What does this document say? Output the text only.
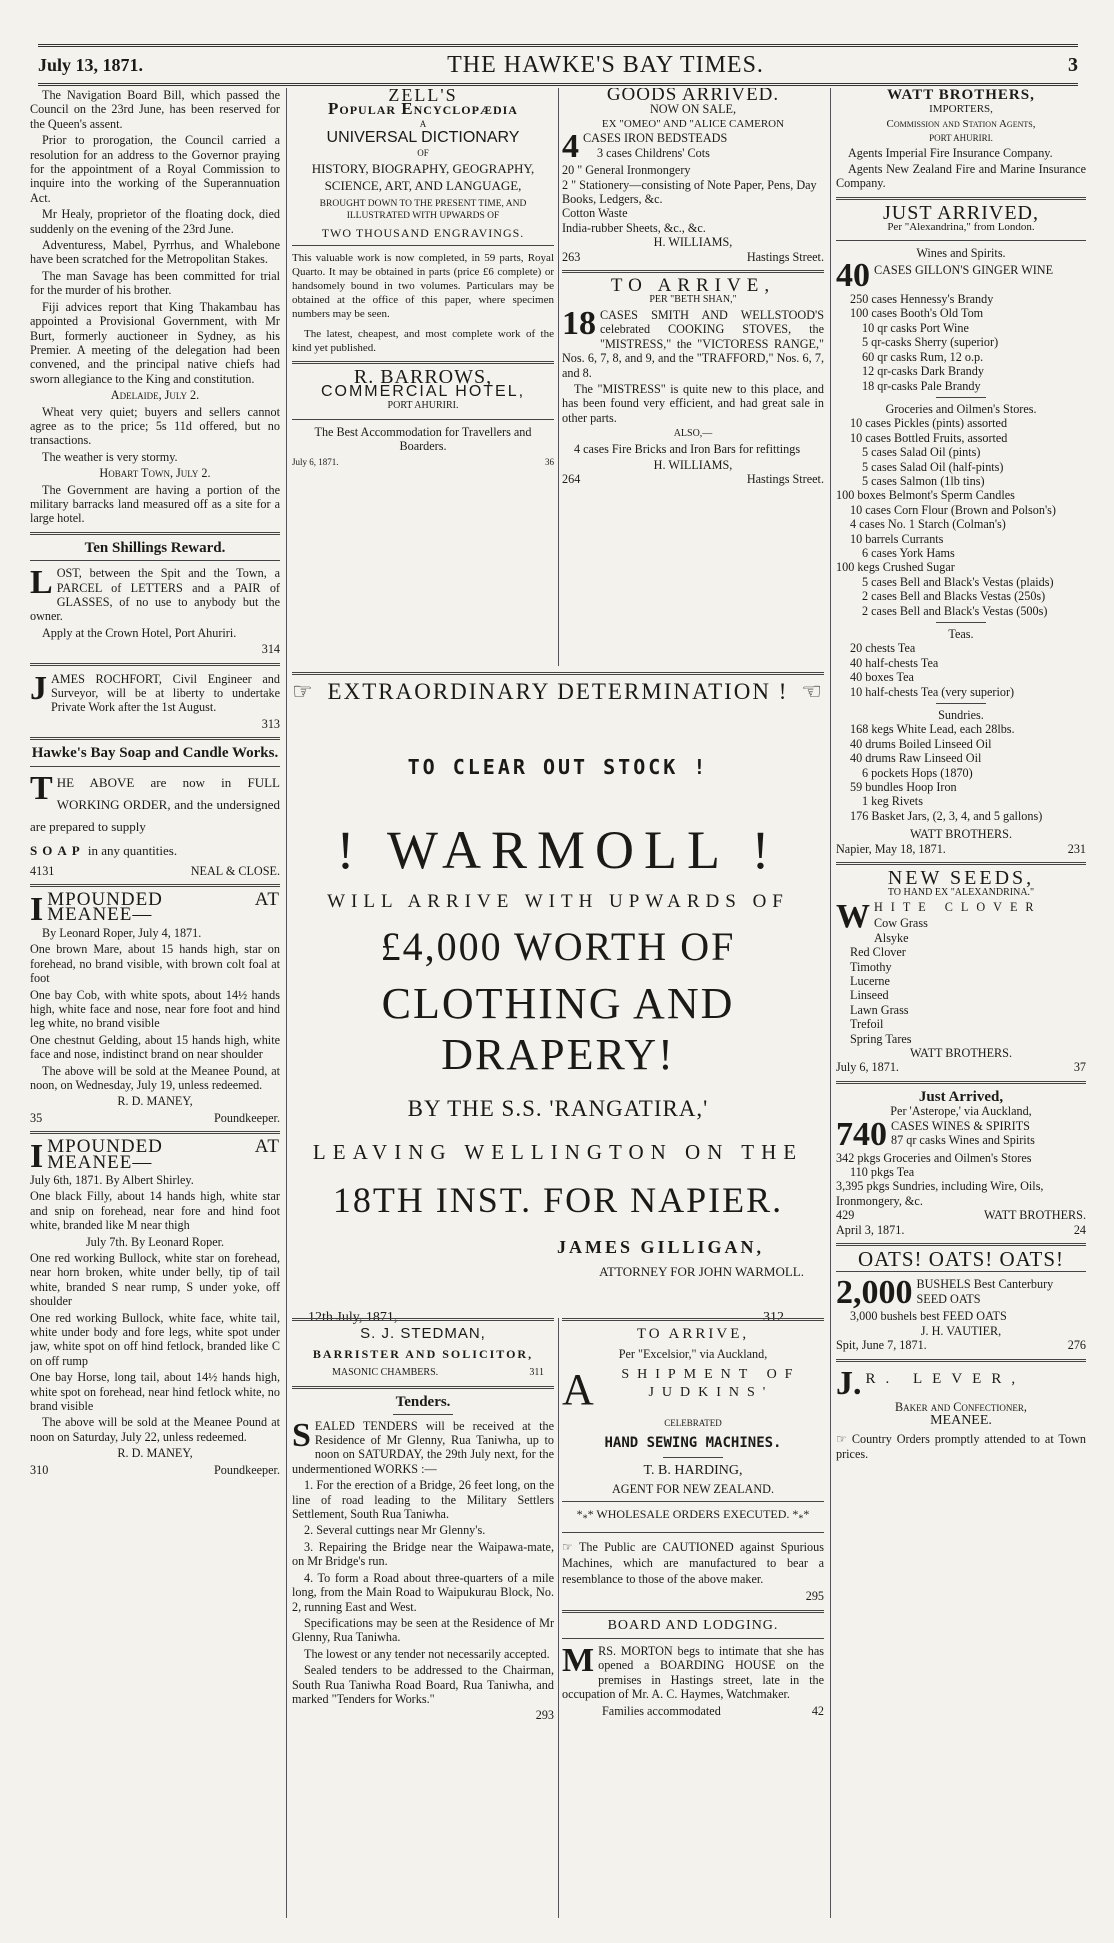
July 13, 1871.	THE HAWKE'S BAY TIMES.	3

The Navigation Board Bill, which passed the Council on the 23rd June, has been reserved for the Queen's assent.

Prior to prorogation, the Council carried a resolution for an address to the Governor praying for the appointment of a Royal Commission to inquire into the working of the Superannuation Act.

Mr Healy, proprietor of the floating dock, died suddenly on the evening of the 23rd June.

Adventuress, Mabel, Pyrrhus, and Whalebone have been scratched for the Metropolitan Stakes.

The man Savage has been committed for trial for the murder of his brother.

Fiji advices report that King Thakambau has appointed a Provisional Government, with Mr Burt, formerly auctioneer in Sydney, as his Premier. A meeting of the delegation had been convened, and the principal native chiefs had sworn allegiance to the King and constitution.

Adelaide, July 2.

Wheat very quiet; buyers and sellers cannot agree as to the price; 5s 11d offered, but no transactions.

The weather is very stormy.

Hobart Town, July 2.

The Government are having a portion of the military barracks land measured off as a site for a large hotel.

Ten Shillings Reward.

LOST, between the Spit and the Town, a PARCEL of LETTERS and a PAIR of GLASSES, of no use to anybody but the owner.

Apply at the Crown Hotel, Port Ahuriri.

314

JAMES ROCHFORT, Civil Engineer and Surveyor, will be at liberty to undertake Private Work after the 1st August.

313

Hawke's Bay Soap and Candle Works.

THE ABOVE are now in FULL WORKING ORDER, and the undersigned are prepared to supply

SOAP in any quantities.

4131	NEAL & CLOSE.

IMPOUNDED AT MEANEE—

By Leonard Roper, July 4, 1871.

One brown Mare, about 15 hands high, star on forehead, no brand visible, with brown colt foal at foot

One bay Cob, with white spots, about 14½ hands high, white face and nose, near fore foot and hind leg white, no brand visible

One chestnut Gelding, about 15 hands high, white face and nose, indistinct brand on near shoulder

The above will be sold at the Meanee Pound, at noon, on Wednesday, July 19, unless redeemed.

R. D. MANEY,

35	Poundkeeper.

IMPOUNDED AT MEANEE—

July 6th, 1871. By Albert Shirley.

One black Filly, about 14 hands high, white star and snip on forehead, near fore and hind foot white, branded like M near thigh

July 7th. By Leonard Roper.

One red working Bullock, white star on forehead, near horn broken, white under belly, tip of tail white, branded S near rump, S under yoke, off shoulder

One red working Bullock, white face, white tail, white under body and fore legs, white spot under jaw, white spot on off hind fetlock, branded like C on off rump

One bay Horse, long tail, about 14½ hands high, white spot on forehead, near hind fetlock white, no brand visible

The above will be sold at the Meanee Pound at noon on Saturday, July 22, unless redeemed.

R. D. MANEY,

310	Poundkeeper.
ZELL'S
Popular Encyclopædia
A
UNIVERSAL DICTIONARY
OF
HISTORY, BIOGRAPHY, GEOGRAPHY, SCIENCE, ART, AND LANGUAGE,
BROUGHT DOWN TO THE PRESENT TIME, AND ILLUSTRATED WITH UPWARDS OF
TWO THOUSAND ENGRAVINGS.

This valuable work is now completed, in 59 parts, Royal Quarto. It may be obtained in parts (price £6 complete) or handsomely bound in two volumes. Particulars may be obtained at the office of this paper, where specimen numbers may be seen.

The latest, cheapest, and most complete work of the kind yet published.

R. BARROWS,
COMMERCIAL HOTEL,
PORT AHURIRI.

The Best Accommodation for Travellers and Boarders.

July 6, 1871.	36
GOODS ARRIVED.
NOW ON SALE,
EX "OMEO" AND "ALICE CAMERON
4 CASES IRON BEDSTEADS
3 cases Childrens' Cots
20 " General Ironmongery
2 " Stationery—consisting of Note Paper, Pens, Day Books, Ledgers, &c.
Cotton Waste
India-rubber Sheets, &c., &c.
H. WILLIAMS,
263	Hastings Street.
TO ARRIVE,
PER "BETH SHAN,"

18 CASES SMITH AND WELLSTOOD'S celebrated COOKING STOVES, the "MISTRESS," the "VICTORESS RANGE," Nos. 6, 7, 8, and 9, and the "TRAFFORD," Nos. 6, 7, and 8.

The "MISTRESS" is quite new to this place, and has been found very efficient, and had great sale in other parts.

ALSO,—

4 cases Fire Bricks and Iron Bars for refittings

H. WILLIAMS,
264	Hastings Street.
☞ EXTRAORDINARY DETERMINATION ! ☜
TO CLEAR OUT STOCK !
! WARMOLL !
WILL ARRIVE WITH UPWARDS OF
£4,000 WORTH OF
CLOTHING AND DRAPERY!
BY THE S.S. 'RANGATIRA,'
LEAVING WELLINGTON ON THE
18TH INST. FOR NAPIER.
JAMES GILLIGAN,
ATTORNEY FOR JOHN WARMOLL.
12th July, 1871,	312
S. J. STEDMAN,
BARRISTER AND SOLICITOR,
MASONIC CHAMBERS.	311
Tenders.

SEALED TENDERS will be received at the Residence of Mr Glenny, Rua Taniwha, up to noon on SATURDAY, the 29th July next, for the undermentioned WORKS :—

1. For the erection of a Bridge, 26 feet long, on the line of road leading to the Military Settlers Settlement, South Rua Taniwha.

2. Several cuttings near Mr Glenny's.

3. Repairing the Bridge near the Waipawa-mate, on Mr Bridge's run.

4. To form a Road about three-quarters of a mile long, from the Main Road to Waipukurau Block, No. 2, running East and West.

Specifications may be seen at the Residence of Mr Glenny, Rua Taniwha.

The lowest or any tender not necessarily accepted.

Sealed tenders to be addressed to the Chairman, South Rua Taniwha Road Board, Rua Taniwha, and marked "Tenders for Works."

293

TO ARRIVE,
Per "Excelsior," via Auckland,
A	SHIPMENT OF
JUDKINS'
CELEBRATED
HAND SEWING MACHINES.
T. B. HARDING,
AGENT FOR NEW ZEALAND.
$*_**$ WHOLESALE ORDERS EXECUTED. $*_**$

☞ The Public are CAUTIONED against Spurious Machines, which are manufactured to bear a resemblance to those of the above maker.

295

BOARD AND LODGING.

MRS. MORTON begs to intimate that she has opened a BOARDING HOUSE on the premises in Hastings street, late in the occupation of Mr. A. C. Haymes, Watchmaker.

Families accommodated	42
WATT BROTHERS,
IMPORTERS,
Commission and Station Agents,
PORT AHURIRI.

Agents Imperial Fire Insurance Company.

Agents New Zealand Fire and Marine Insurance Company.

JUST ARRIVED,
Per "Alexandrina," from London.
Wines and Spirits.
40 CASES GILLON'S GINGER WINE
250 cases Hennessy's Brandy
100 cases Booth's Old Tom
10 qr casks Port Wine
5 qr-casks Sherry (superior)
60 qr casks Rum, 12 o.p.
12 qr-casks Dark Brandy
18 qr-casks Pale Brandy
Groceries and Oilmen's Stores.
10 cases Pickles (pints) assorted
10 cases Bottled Fruits, assorted
5 cases Salad Oil (pints)
5 cases Salad Oil (half-pints)
5 cases Salmon (1lb tins)
100 boxes Belmont's Sperm Candles
10 cases Corn Flour (Brown and Polson's)
4 cases No. 1 Starch (Colman's)
10 barrels Currants
6 cases York Hams
100 kegs Crushed Sugar
5 cases Bell and Black's Vestas (plaids)
2 cases Bell and Blacks Vestas (250s)
2 cases Bell and Black's Vestas (500s)
Teas.
20 chests Tea
40 half-chests Tea
40 boxes Tea
10 half-chests Tea (very superior)
Sundries.
168 kegs White Lead, each 28lbs.
40 drums Boiled Linseed Oil
40 drums Raw Linseed Oil
6 pockets Hops (1870)
59 bundles Hoop Iron
1 keg Rivets
176 Basket Jars, (2, 3, 4, and 5 gallons)
WATT BROTHERS.
Napier, May 18, 1871.	231
NEW SEEDS,
TO HAND EX "ALEXANDRINA."

WHITE CLOVER

Cow Grass
Alsyke
Red Clover
Timothy
Lucerne
Linseed
Lawn Grass
Trefoil
Spring Tares
WATT BROTHERS.
July 6, 1871.	37
Just Arrived,
Per 'Asterope,' via Auckland,
740 CASES WINES & SPIRITS
87 qr casks Wines and Spirits
342 pkgs Groceries and Oilmen's Stores
110 pkgs Tea
3,395 pkgs Sundries, including Wire, Oils, Ironmongery, &c.
429	WATT BROTHERS.
April 3, 1871.	24
OATS! OATS! OATS!
2,000 BUSHELS Best Canterbury SEED OATS
3,000 bushels best FEED OATS
J. H. VAUTIER,
Spit, June 7, 1871.	276
J. R. LEVER,
Baker and Confectioner,
MEANEE.

☞ Country Orders promptly attended to at Town prices.
